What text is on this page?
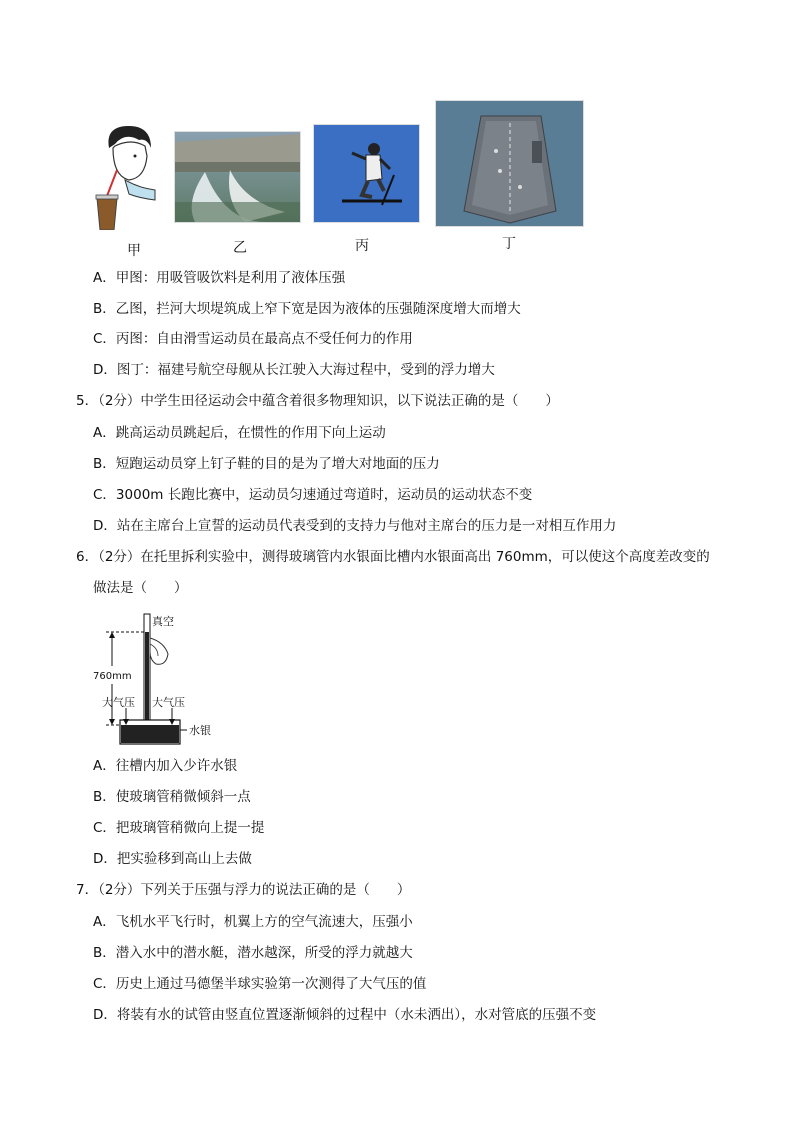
甲	乙	丙	丁
A．甲图：用吸管吸饮料是利用了液体压强
B．乙图，拦河大坝堤筑成上窄下宽是因为液体的压强随深度增大而增大
C．丙图：自由滑雪运动员在最高点不受任何力的作用
D．图丁：福建号航空母舰从长江驶入大海过程中，受到的浮力增大
5．（2分）中学生田径运动会中蕴含着很多物理知识，以下说法正确的是（　　）
A．跳高运动员跳起后，在惯性的作用下向上运动
B．短跑运动员穿上钉子鞋的目的是为了增大对地面的压力
C．3000m 长跑比赛中，运动员匀速通过弯道时，运动员的运动状态不变
D．站在主席台上宣誓的运动员代表受到的支持力与他对主席台的压力是一对相互作用力
6．（2分）在托里拆利实验中，测得玻璃管内水银面比槽内水银面高出 760mm，可以使这个高度差改变的
做法是（　　）
真空
760mm
大气压 大气压
水银
A．往槽内加入少许水银
B．使玻璃管稍微倾斜一点
C．把玻璃管稍微向上提一提
D．把实验移到高山上去做
7．（2分）下列关于压强与浮力的说法正确的是（　　）
A．飞机水平飞行时，机翼上方的空气流速大，压强小
B．潜入水中的潜水艇，潜水越深，所受的浮力就越大
C．历史上通过马德堡半球实验第一次测得了大气压的值
D．将装有水的试管由竖直位置逐渐倾斜的过程中（水未洒出），水对管底的压强不变
